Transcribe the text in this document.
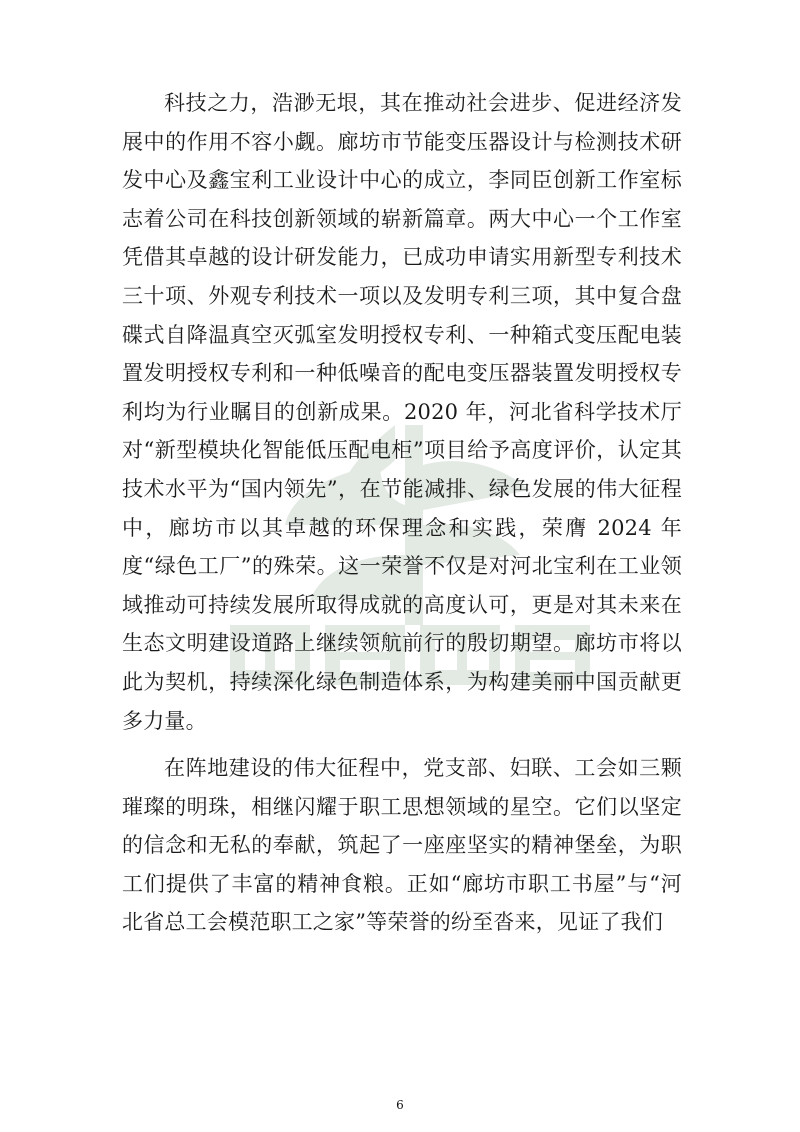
科技之力，浩渺无垠，其在推动社会进步、促进经济发展中的作用不容小觑。廊坊市节能变压器设计与检测技术研发中心及鑫宝利工业设计中心的成立，李同臣创新工作室标志着公司在科技创新领域的崭新篇章。两大中心一个工作室凭借其卓越的设计研发能力，已成功申请实用新型专利技术三十项、外观专利技术一项以及发明专利三项，其中复合盘碟式自降温真空灭弧室发明授权专利、一种箱式变压配电装置发明授权专利和一种低噪音的配电变压器装置发明授权专利均为行业瞩目的创新成果。2020 年，河北省科学技术厅对“新型模块化智能低压配电柜”项目给予高度评价，认定其技术水平为“国内领先”，在节能减排、绿色发展的伟大征程中，廊坊市以其卓越的环保理念和实践，荣膺 2024 年度“绿色工厂”的殊荣。这一荣誉不仅是对河北宝利在工业领域推动可持续发展所取得成就的高度认可，更是对其未来在生态文明建设道路上继续领航前行的殷切期望。廊坊市将以此为契机，持续深化绿色制造体系，为构建美丽中国贡献更多力量。

在阵地建设的伟大征程中，党支部、妇联、工会如三颗璀璨的明珠，相继闪耀于职工思想领域的星空。它们以坚定的信念和无私的奉献，筑起了一座座坚实的精神堡垒，为职工们提供了丰富的精神食粮。正如“廊坊市职工书屋”与“河北省总工会模范职工之家”等荣誉的纷至沓来，见证了我们

6
